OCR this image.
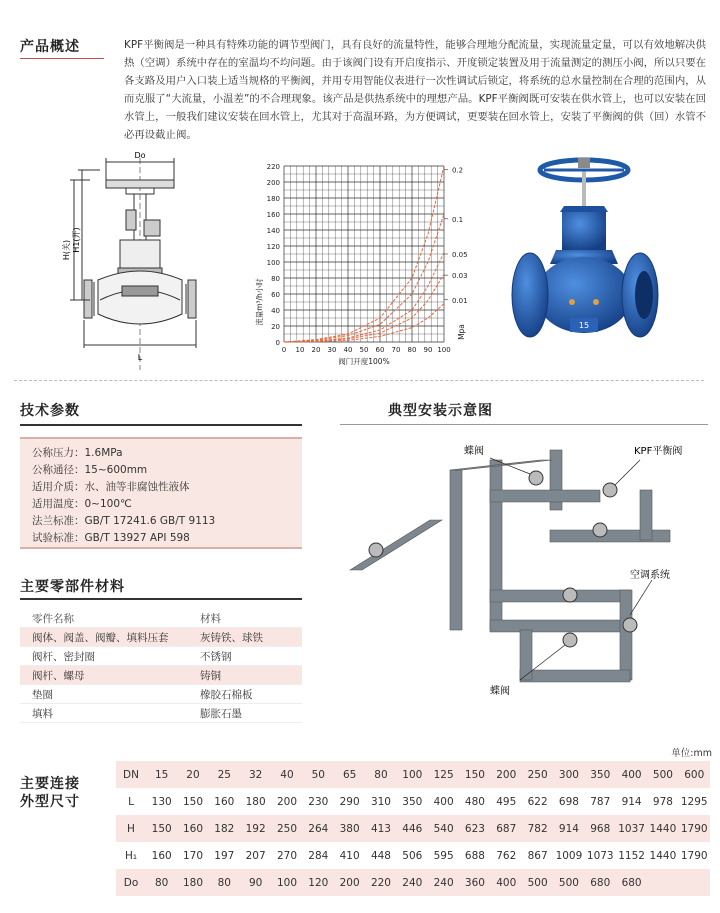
产品概述	KPF平衡阀是一种具有特殊功能的调节型阀门，具有良好的流量特性，能够合理地分配流量，实现流量定量，可以有效地解决供热（空调）系统中存在的室温均不均问题。由于该阀门设有开启度指示、开度锁定装置及用于流量测定的测压小阀，所以只要在各支路及用户入口装上适当规格的平衡阀，并用专用智能仪表进行一次性调试后锁定，将系统的总水量控制在合理的范围内，从而克服了“大流量，小温差”的不合理现象。该产品是供热系统中的理想产品。KPF平衡阀既可安装在供水管上，也可以安装在回水管上，一般我们建议安装在回水管上，尤其对于高温环路，为方便调试，更要装在回水管上，安装了平衡阀的供（回）水管不必再设截止阀。

Do
L
H(关) H1(开)
0
20
40
60
80
100
120
140
160
180
200
220
0 10 20 30 40 50 60 70 80 90 100
0.2
0.1
0.05
0.03
0.01
阀门开度100%
流量m³/h小时
Mpa	15
技术参数
公称压力：1.6MPa
公称通径：15~600mm
适用介质：水、油等非腐蚀性液体
适用温度：0~100℃
法兰标准：GB/T 17241.6 GB/T 9113
试验标准：GB/T 13927 API 598
主要零部件材料
零件名称	材料
阀体、阀盖、阀瓣、填料压套	灰铸铁、球铁
阀杆、密封圈	不锈钢
阀杆、螺母	铸铜
垫圈	橡胶石棉板
填料	膨胀石墨
典型安装示意图
蝶阀	KPF平衡阀
空调系统
蝶阀
单位:mm
主要连接
外型尺寸
DN	15	20	25	32	40	50	65	80	100	125	150	200	250	300	350	400	500	600
L	130	150	160	180	200	230	290	310	350	400	480	495	622	698	787	914	978 1295
H	150	160	182	192	250	264	380	413	446	540	623	687	782	914	968 1037 1440 1790
H₁	160	170	197	207	270	284	410	448	506	595	688	762	867 1009 1073 1152 1440 1790
Do	80	180	80	90	100	120	200	220	240	240	360	400	500	500	680	680
